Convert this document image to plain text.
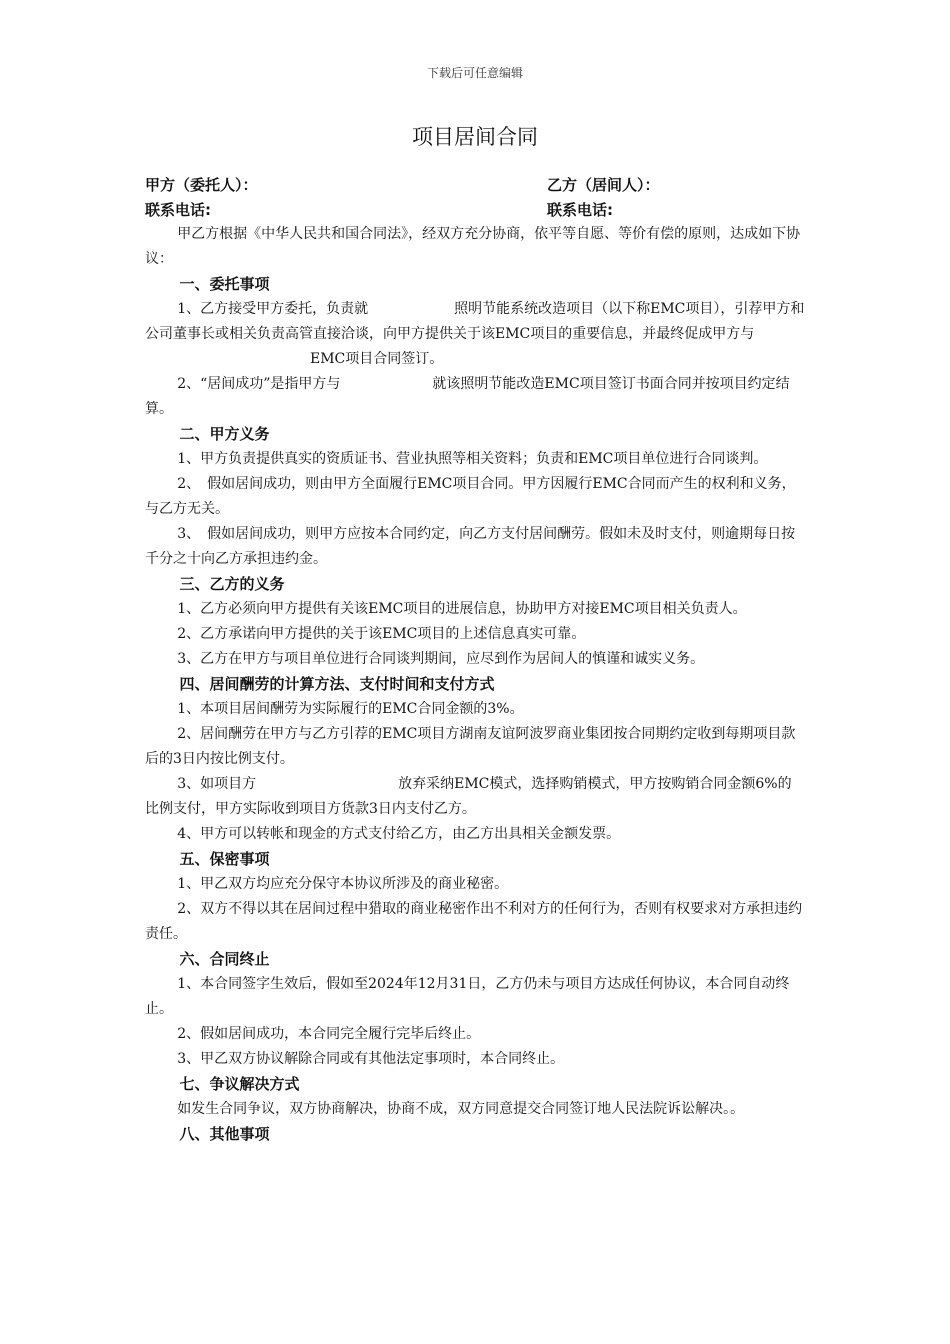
下载后可任意编辑
项目居间合同
甲方（委托人）：	乙方（居间人）：
联系电话:	联系电话:

甲乙方根据《中华人民共和国合同法》，经双方充分协商，依平等自愿、等价有偿的原则，达成如下协议：

一、委托事项

1、乙方接受甲方委托，负责就	照明节能系统改造项目（以下称EMC项目），引荐甲方和公司董事长或相关负责高管直接洽谈，向甲方提供关于该EMC项目的重要信息，并最终促成甲方与EMC项目合同签订。

2、“居间成功”是指甲方与	就该照明节能改造EMC项目签订书面合同并按项目约定结算。

二、甲方义务

1、甲方负责提供真实的资质证书、营业执照等相关资料；负责和EMC项目单位进行合同谈判。

2、　假如居间成功，则由甲方全面履行EMC项目合同。甲方因履行EMC合同而产生的权利和义务，与乙方无关。

3、　假如居间成功，则甲方应按本合同约定，向乙方支付居间酬劳。假如未及时支付，则逾期每日按千分之十向乙方承担违约金。

三、乙方的义务

1、乙方必须向甲方提供有关该EMC项目的进展信息，协助甲方对接EMC项目相关负责人。

2、乙方承诺向甲方提供的关于该EMC项目的上述信息真实可靠。

3、乙方在甲方与项目单位进行合同谈判期间，应尽到作为居间人的慎谨和诚实义务。

四、居间酬劳的计算方法、支付时间和支付方式

1、本项目居间酬劳为实际履行的EMC合同金额的3%。

2、居间酬劳在甲方与乙方引荐的EMC项目方湖南友谊阿波罗商业集团按合同期约定收到每期项目款后的3日内按比例支付。

3、如项目方	放弃采纳EMC模式，选择购销模式，甲方按购销合同金额6%的比例支付，甲方实际收到项目方货款3日内支付乙方。

4、甲方可以转帐和现金的方式支付给乙方，由乙方出具相关金额发票。

五、保密事项

1、甲乙双方均应充分保守本协议所涉及的商业秘密。

2、双方不得以其在居间过程中猎取的商业秘密作出不利对方的任何行为，否则有权要求对方承担违约责任。

六、合同终止

1、本合同签字生效后，假如至2024年12月31日，乙方仍未与项目方达成任何协议，本合同自动终止。

2、假如居间成功，本合同完全履行完毕后终止。

3、甲乙双方协议解除合同或有其他法定事项时，本合同终止。

七、争议解决方式

如发生合同争议，双方协商解决，协商不成，双方同意提交合同签订地人民法院诉讼解决。。

八、其他事项
